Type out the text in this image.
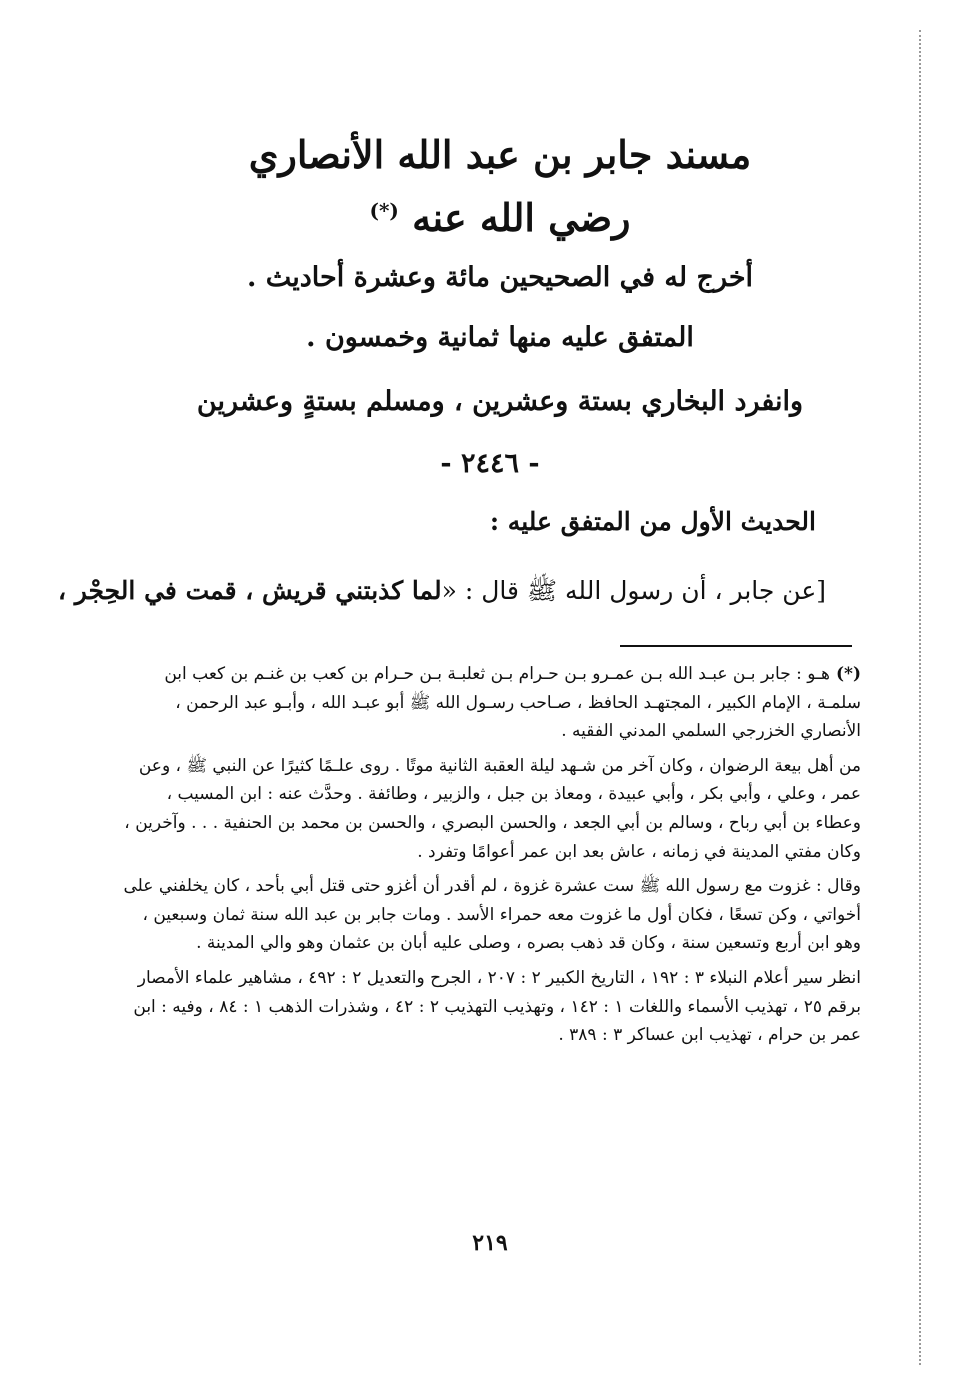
مسند جابر بن عبد الله الأنصاري
رضي الله عنه (*)
أخرج له في الصحيحين مائة وعشرة أحاديث .
المتفق عليه منها ثمانية وخمسون .
وانفرد البخاري بستة وعشرين ، ومسلم بستةٍ وعشرين
- ٢٤٤٦ -
الحديث الأول من المتفق عليه :
[عن جابر ، أن رسول الله ﷺ قال : «لما كذبتني قريش ، قمت في الحِجْر ،

(*)هـو : جابر بـن عبـد الله بـن عمـرو بـن حـرام بـن ثعلبـة بـن حـرام بن كعب بن غنـم بن كعب ابن سلمـة ، الإمام الكبير ، المجتهـد الحافظ ، صـاحب رسـول الله ﷺ أبو عبـد الله ، وأبـو عبد الرحمن ، الأنصاري الخزرجي السلمي المدني الفقيه .

من أهل بيعة الرضوان ، وكان آخر من شـهد ليلة العقبة الثانية موتًا . روى علـمًا كثيرًا عن النبي ﷺ ، وعن عمر ، وعلي ، وأبي بكر ، وأبي عبيدة ، ومعاذ بن جبل ، والزبير ، وطائفة . وحدَّث عنه : ابن المسيب ، وعطاء بن أبي رباح ، وسالم بن أبي الجعد ، والحسن البصري ، والحسن بن محمد بن الحنفية . . . وآخرين ، وكان مفتي المدينة في زمانه ، عاش بعد ابن عمر أعوامًا وتفرد .

وقال : غزوت مع رسول الله ﷺ ست عشرة غزوة ، لم أقدر أن أغزو حتى قتل أبي بأحد ، كان يخلفني على أخواتي ، وكن تسعًا ، فكان أول ما غزوت معه حمراء الأسد . ومات جابر بن عبد الله سنة ثمان وسبعين ، وهو ابن أربع وتسعين سنة ، وكان قد ذهب بصره ، وصلى عليه أبان بن عثمان وهو والي المدينة .

انظر سير أعلام النبلاء ٣ : ١٩٢ ، التاريخ الكبير ٢ : ٢٠٧ ، الجرح والتعديل ٢ : ٤٩٢ ، مشاهير علماء الأمصار برقم ٢٥ ، تهذيب الأسماء واللغات ١ : ١٤٢ ، وتهذيب التهذيب ٢ : ٤٢ ، وشذرات الذهب ١ : ٨٤ ، وفيه : ابن عمر بن حرام ، تهذيب ابن عساكر ٣ : ٣٨٩ .

٢١٩
